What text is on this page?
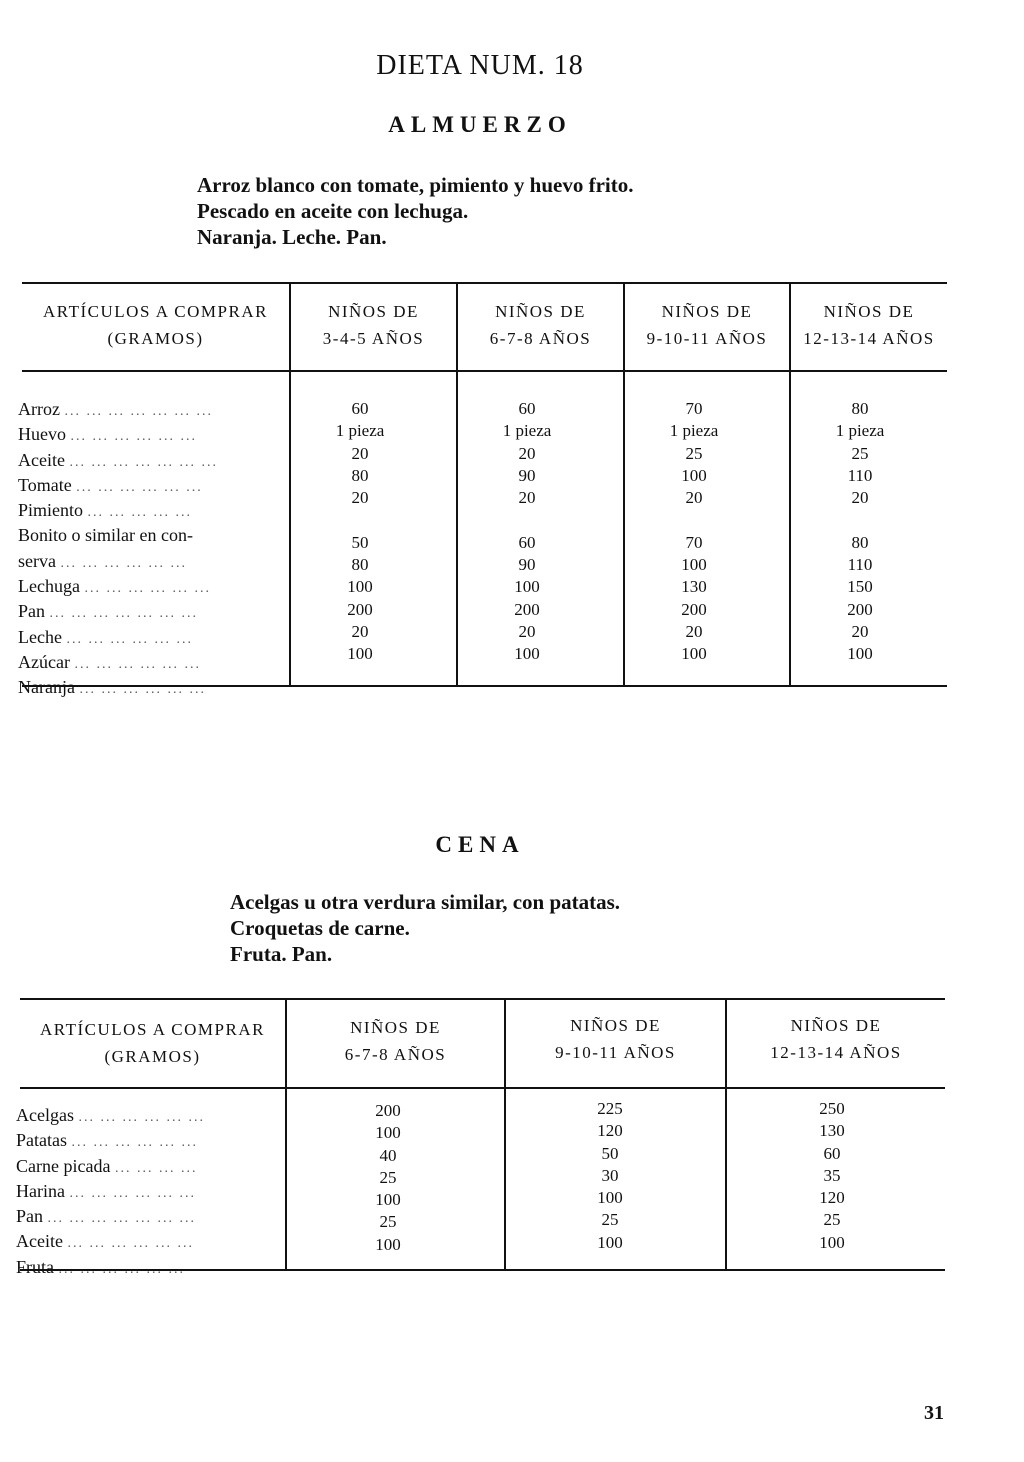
DIETA NUM. 18
ALMUERZO
Arroz blanco con tomate, pimiento y huevo frito.
Pescado en aceite con lechuga.
Naranja. Leche. Pan.
ARTÍCULOS A COMPRAR
(GRAMOS)
NIÑOS DE
3-4-5 AÑOS
NIÑOS DE
6-7-8 AÑOS
NIÑOS DE
9-10-11 AÑOS
NIÑOS DE
12-13-14 AÑOS
Arroz ... ... ... ... ... ... ...
Huevo ... ... ... ... ... ...
Aceite ... ... ... ... ... ... ...
Tomate ... ... ... ... ... ...
Pimiento ... ... ... ... ...
Bonito o similar en con-
serva ... ... ... ... ... ...
Lechuga ... ... ... ... ... ...
Pan ... ... ... ... ... ... ...
Leche ... ... ... ... ... ...
Azúcar ... ... ... ... ... ...
Naranja ... ... ... ... ... ...
60
1 pieza
20
80
20
50
80
100
200
20
100
60
1 pieza
20
90
20
60
90
100
200
20
100
70
1 pieza
25
100
20
70
100
130
200
20
100
80
1 pieza
25
110
20
80
110
150
200
20
100
CENA
Acelgas u otra verdura similar, con patatas.
Croquetas de carne.
Fruta. Pan.
ARTÍCULOS A COMPRAR
(GRAMOS)
NIÑOS DE
6-7-8 AÑOS
NIÑOS DE
9-10-11 AÑOS
NIÑOS DE
12-13-14 AÑOS
Acelgas ... ... ... ... ... ...
Patatas ... ... ... ... ... ...
Carne picada ... ... ... ...
Harina ... ... ... ... ... ...
Pan ... ... ... ... ... ... ...
Aceite ... ... ... ... ... ...
Fruta ... ... ... ... ... ...
200
100
40
25
100
25
100
225
120
50
30
100
25
100
250
130
60
35
120
25
100
31
